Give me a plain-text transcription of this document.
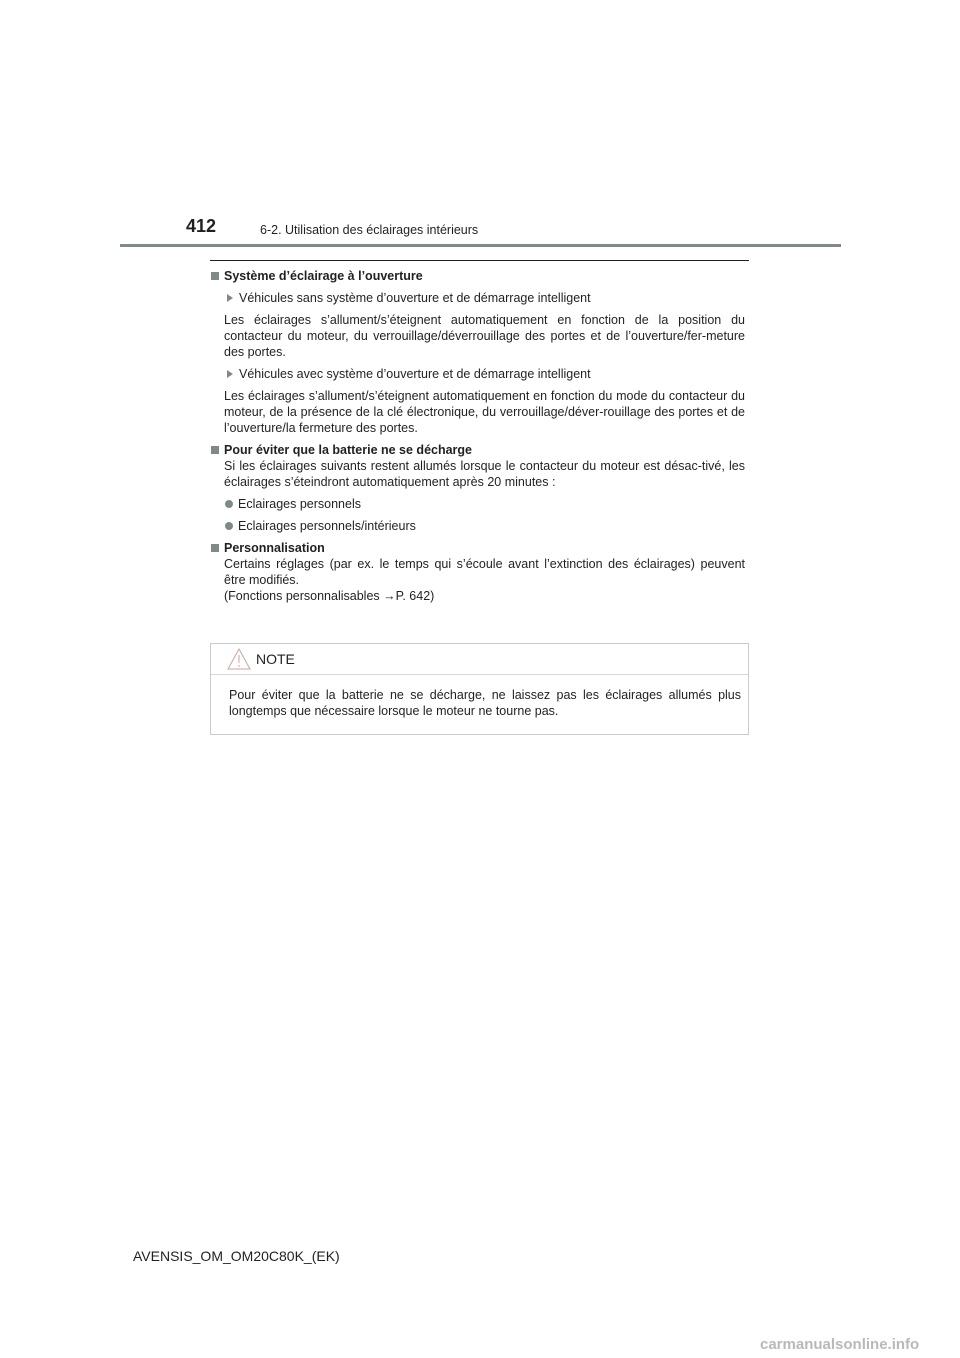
412	6-2. Utilisation des éclairages intérieurs
Système d’éclairage à l’ouverture
Véhicules sans système d’ouverture et de démarrage intelligent
Les éclairages s’allument/s’éteignent automatiquement en fonction de la position du contacteur du moteur, du verrouillage/déverrouillage des portes et de l’ouverture/fer-meture des portes.
Véhicules avec système d’ouverture et de démarrage intelligent
Les éclairages s’allument/s’éteignent automatiquement en fonction du mode du contacteur du moteur, de la présence de la clé électronique, du verrouillage/déver-rouillage des portes et de l’ouverture/la fermeture des portes.
Pour éviter que la batterie ne se décharge
Si les éclairages suivants restent allumés lorsque le contacteur du moteur est désac-tivé, les éclairages s’éteindront automatiquement après 20 minutes :
Eclairages personnels
Eclairages personnels/intérieurs
Personnalisation
Certains réglages (par ex. le temps qui s’écoule avant l’extinction des éclairages) peuvent être modifiés.
(Fonctions personnalisables →P. 642)
NOTE
Pour éviter que la batterie ne se décharge, ne laissez pas les éclairages allumés plus longtemps que nécessaire lorsque le moteur ne tourne pas.
AVENSIS_OM_OM20C80K_(EK)
carmanualsonline.info
